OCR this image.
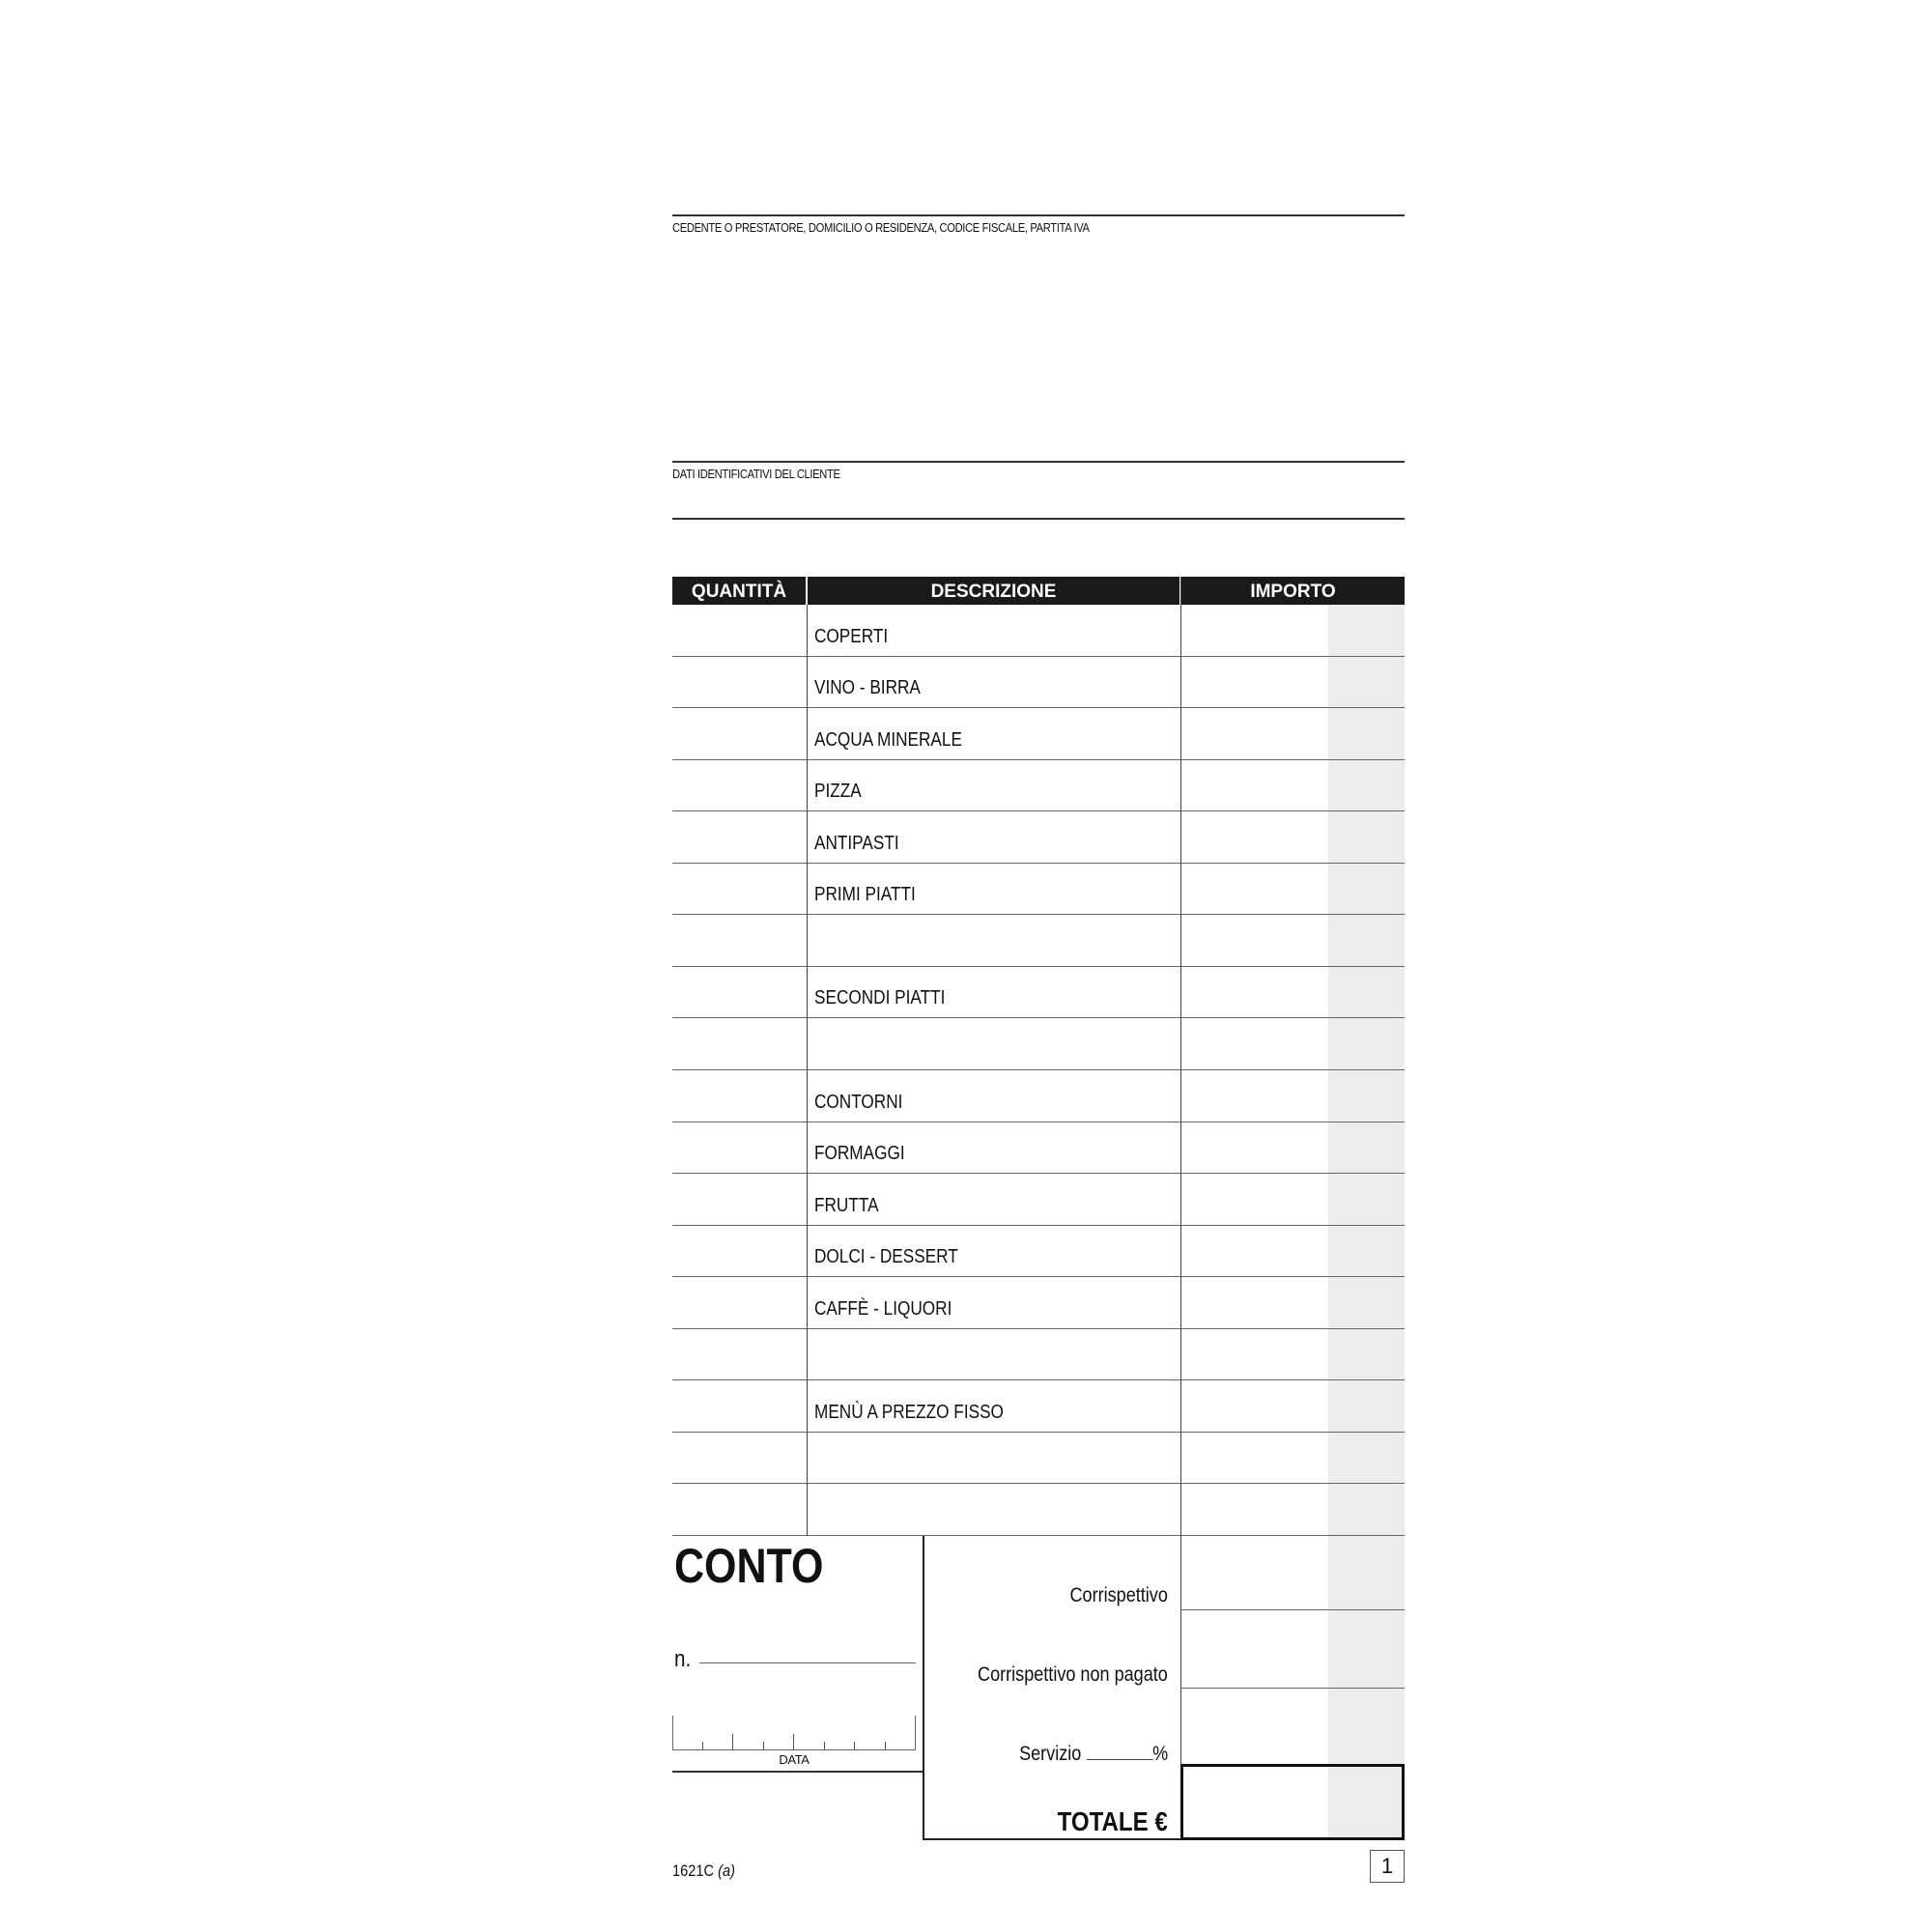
CEDENTE O PRESTATORE, DOMICILIO O RESIDENZA, CODICE FISCALE, PARTITA IVA
DATI IDENTIFICATIVI DEL CLIENTE
QUANTITÀ	DESCRIZIONE	IMPORTO
COPERTI
VINO - BIRRA
ACQUA MINERALE
PIZZA
ANTIPASTI
PRIMI PIATTI
SECONDI PIATTI
CONTORNI
FORMAGGI
FRUTTA
DOLCI - DESSERT
CAFFÈ - LIQUORI
MENÙ A PREZZO FISSO
CONTO
n.
DATA
Corrispettivo
Corrispettivo non pagato
Servizio	%
TOTALE €
1621C (a)	1
